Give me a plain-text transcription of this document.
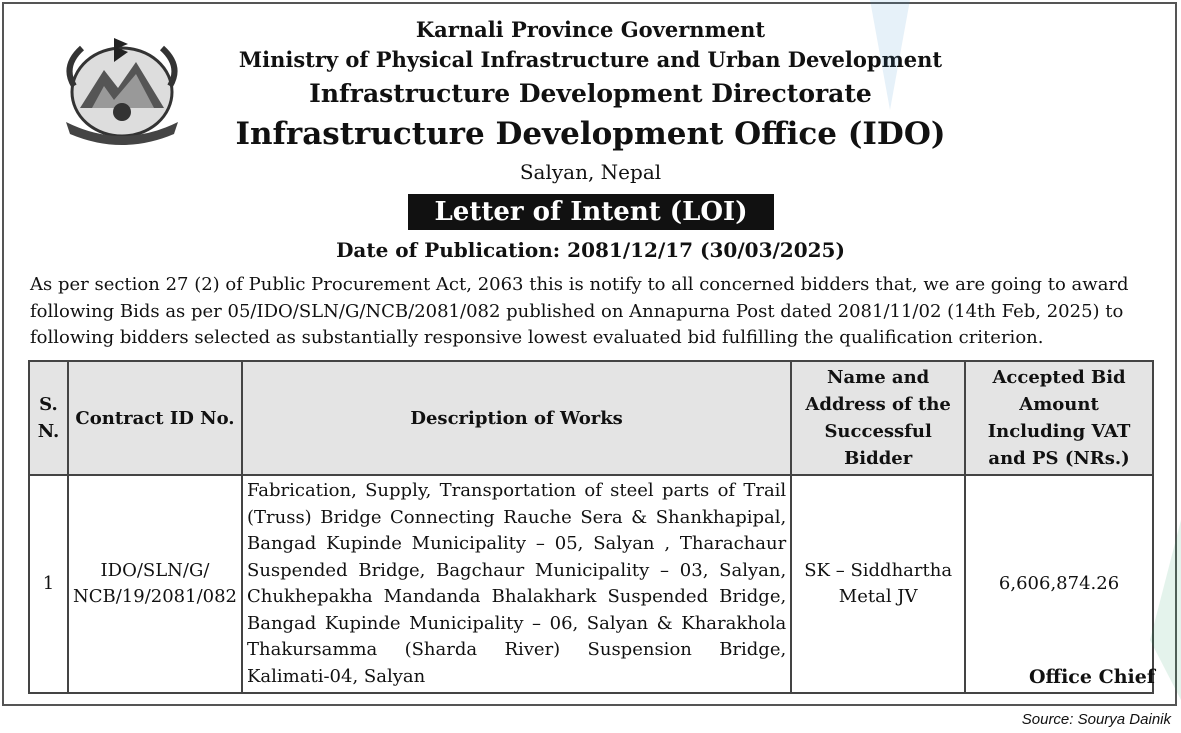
Karnali Province Government
Ministry of Physical Infrastructure and Urban Development
Infrastructure Development Directorate
Infrastructure Development Office (IDO)
Salyan, Nepal
Letter of Intent (LOI)
Date of Publication: 2081/12/17 (30/03/2025)
As per section 27 (2) of Public Procurement Act, 2063 this is notify to all concerned bidders that, we are going to award
following Bids as per 05/IDO/SLN/G/NCB/2081/082 published on Annapurna Post dated 2081/11/02 (14th Feb, 2025) to
following bidders selected as substantially responsive lowest evaluated bid fulfilling the qualification criterion.
S. N.	Contract ID No.	Description of Works	Name and Address of the Successful Bidder	Accepted Bid Amount Including VAT and PS (NRs.)
1	IDO/SLN/G/ NCB/19/2081/082	Fabrication, Supply, Transportation of steel parts of Trail (Truss) Bridge Connecting Rauche Sera & Shankhapipal, Bangad Kupinde Municipality – 05, Salyan , Tharachaur Suspended Bridge, Bagchaur Municipality – 03, Salyan, Chukhepakha Mandanda Bhalakhark Suspended Bridge, Bangad Kupinde Municipality – 06, Salyan & Kharakhola Thakursamma (Sharda River) Suspension Bridge, Kalimati-04, Salyan	SK – Siddhartha Metal JV	6,606,874.26
Office Chief
Source: Sourya Dainik
